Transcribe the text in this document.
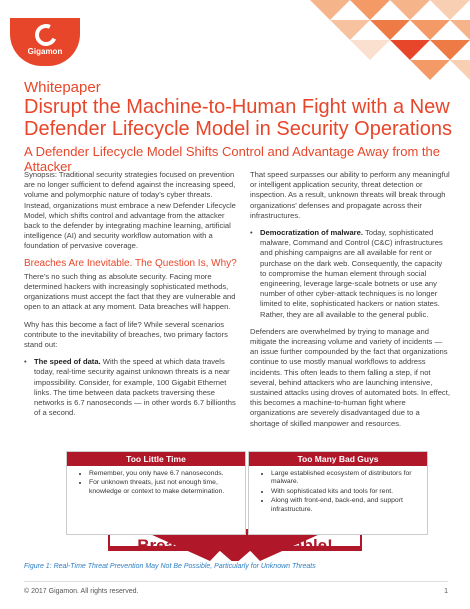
Gigamon
Whitepaper
Disrupt the Machine-to-Human Fight with a New Defender Lifecycle Model in Security Operations
A Defender Lifecycle Model Shifts Control and Advantage Away from the Attacker

Synopsis: Traditional security strategies focused on prevention are no longer sufficient to defend against the increasing speed, volume and polymorphic nature of today’s cyber threats. Instead, organizations must embrace a new Defender Lifecycle Model, which shifts control and advantage from the attacker back to the defender by integrating machine learning, artificial intelligence (AI) and security workflow automation with a foundation of pervasive coverage.

Breaches Are Inevitable. The Question Is, Why?

There’s no such thing as absolute security. Facing more determined hackers with increasingly sophisticated methods, organizations must accept the fact that they are vulnerable and open to an attack at any moment. Data breaches will happen.

Why has this become a fact of life? While several scenarios contribute to the inevitability of breaches, two primary factors stand out:

• The speed of data. With the speed at which data travels today, real-time security against unknown threats is a near impossibility. Consider, for example, 100 Gigabit Ethernet links. The time between data packets traversing these networks is 6.7 nanoseconds — in other words 6.7 billionths of a second.

That speed surpasses our ability to perform any meaningful or intelligent application security, threat detection or inspection. As a result, unknown threats will break through organizations’ defenses and propagate across their infrastructures.

• Democratization of malware. Today, sophisticated malware, Command and Control (C&C) infrastructures and phishing campaigns are all available for rent or purchase on the dark web. Consequently, the capacity to compromise the human element through social engineering, leverage large-scale botnets or use any number of other cyber-attack techniques is no longer limited to elite, sophisticated hackers or nation states. Rather, they are all available to the general public.

Defenders are overwhelmed by trying to manage and mitigate the increasing volume and variety of incidents — an issue further compounded by the fact that organizations continue to use mostly manual workflows to address incidents. This often leads to them falling a step, if not several, behind attackers who are launching intensive, sustained attacks using droves of automated bots. In effect, this becomes a machine-to-human fight where organizations are severely disadvantaged due to a shortage of skilled manpower and resources.

Too Little Time
• Remember, you only have 6.7 nanoseconds.
• For unknown threats, just not enough time, knowledge or context to make determination.
Too Many Bad Guys
• Large established ecosystem of distributors for malware.
• With sophisticated kits and tools for rent.
• Along with front-end, back-end, and support infrastructure.
Breaches are inevitable!
Figure 1: Real-Time Threat Prevention May Not Be Possible, Particularly for Unknown Threats
© 2017 Gigamon. All rights reserved.	1
